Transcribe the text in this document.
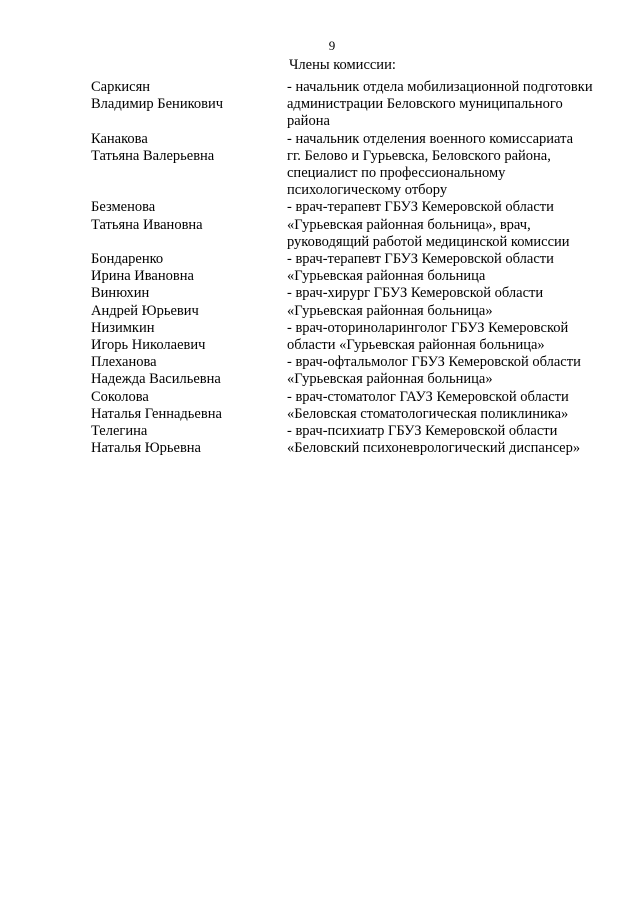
9
Члены комиссии:
Саркисян
Владимир Беникович
- начальник отдела мобилизационной подготовки
администрации Беловского муниципального
района
Канакова
Татьяна Валерьевна
- начальник отделения военного комиссариата
гг. Белово и Гурьевска, Беловского района,
специалист по профессиональному
психологическому отбору
Безменова
Татьяна Ивановна
- врач-терапевт ГБУЗ Кемеровской области
«Гурьевская районная больница», врач,
руководящий работой медицинской комиссии
Бондаренко
Ирина Ивановна
- врач-терапевт ГБУЗ Кемеровской области
«Гурьевская районная больница
Винюхин
Андрей Юрьевич
- врач-хирург ГБУЗ Кемеровской области
«Гурьевская районная больница»
Низимкин
Игорь Николаевич
- врач-оториноларинголог ГБУЗ Кемеровской
области «Гурьевская районная больница»
Плеханова
Надежда Васильевна
- врач-офтальмолог ГБУЗ Кемеровской области
«Гурьевская районная больница»
Соколова
Наталья Геннадьевна
- врач-стоматолог ГАУЗ Кемеровской области
«Беловская стоматологическая поликлиника»
Телегина
Наталья Юрьевна
- врач-психиатр ГБУЗ Кемеровской области
«Беловский психоневрологический диспансер»
